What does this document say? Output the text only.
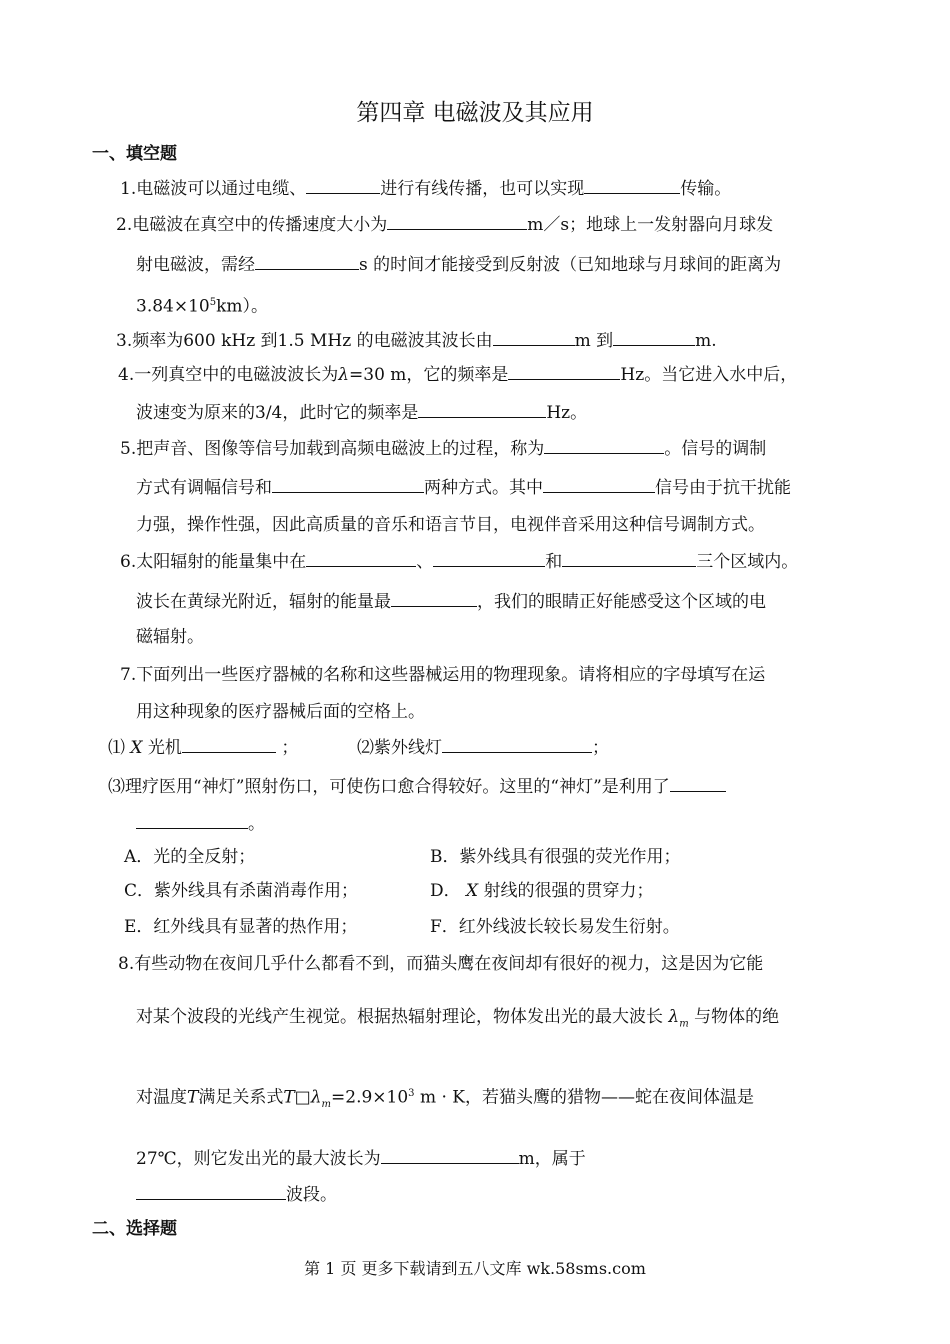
第四章 电磁波及其应用
一、填空题
1.电磁波可以通过电缆、	进行有线传播，也可以实现	传输。
2.电磁波在真空中的传播速度大小为	m／s；地球上一发射器向月球发
射电磁波，需经	s 的时间才能接受到反射波（已知地球与月球间的距离为
$3.84\times 10^5km$）。
3.频率为600 kHz 到1.5 MHz 的电磁波其波长由	m 到	m.
4.一列真空中的电磁波波长为λ=30 m，它的频率是	Hz。当它进入水中后，
波速变为原来的3/4，此时它的频率是	Hz。
5.把声音、图像等信号加载到高频电磁波上的过程，称为	。信号的调制
方式有调幅信号和	两种方式。其中	信号由于抗干扰能
力强，操作性强，因此高质量的音乐和语言节目，电视伴音采用这种信号调制方式。
6.太阳辐射的能量集中在	、	和	三个区域内。
波长在黄绿光附近，辐射的能量最	，我们的眼睛正好能感受这个区域的电
磁辐射。
7.下面列出一些医疗器械的名称和这些器械运用的物理现象。请将相应的字母填写在运
用这种现象的医疗器械后面的空格上。
⑴ X 光机	；	⑵紫外线灯	；
⑶理疗医用“神灯”照射伤口，可使伤口愈合得较好。这里的“神灯”是利用了
。
A．光的全反射；	B．紫外线具有很强的荧光作用；
C．紫外线具有杀菌消毒作用；	D． X 射线的很强的贯穿力；
E．红外线具有显著的热作用；	F．红外线波长较长易发生衍射。
8.有些动物在夜间几乎什么都看不到，而猫头鹰在夜间却有很好的视力，这是因为它能
对某个波段的光线产生视觉。根据热辐射理论，物体发出光的最大波长 $\lambda_m$ 与物体的绝
对温度T满足关系式$T□\lambda_m=2.9\times 10^3$ m · K，若猫头鹰的猎物——蛇在夜间体温是
27℃，则它发出光的最大波长为	m，属于
波段。
二、选择题
第 1 页 更多下载请到五八文库 wk.58sms.com
